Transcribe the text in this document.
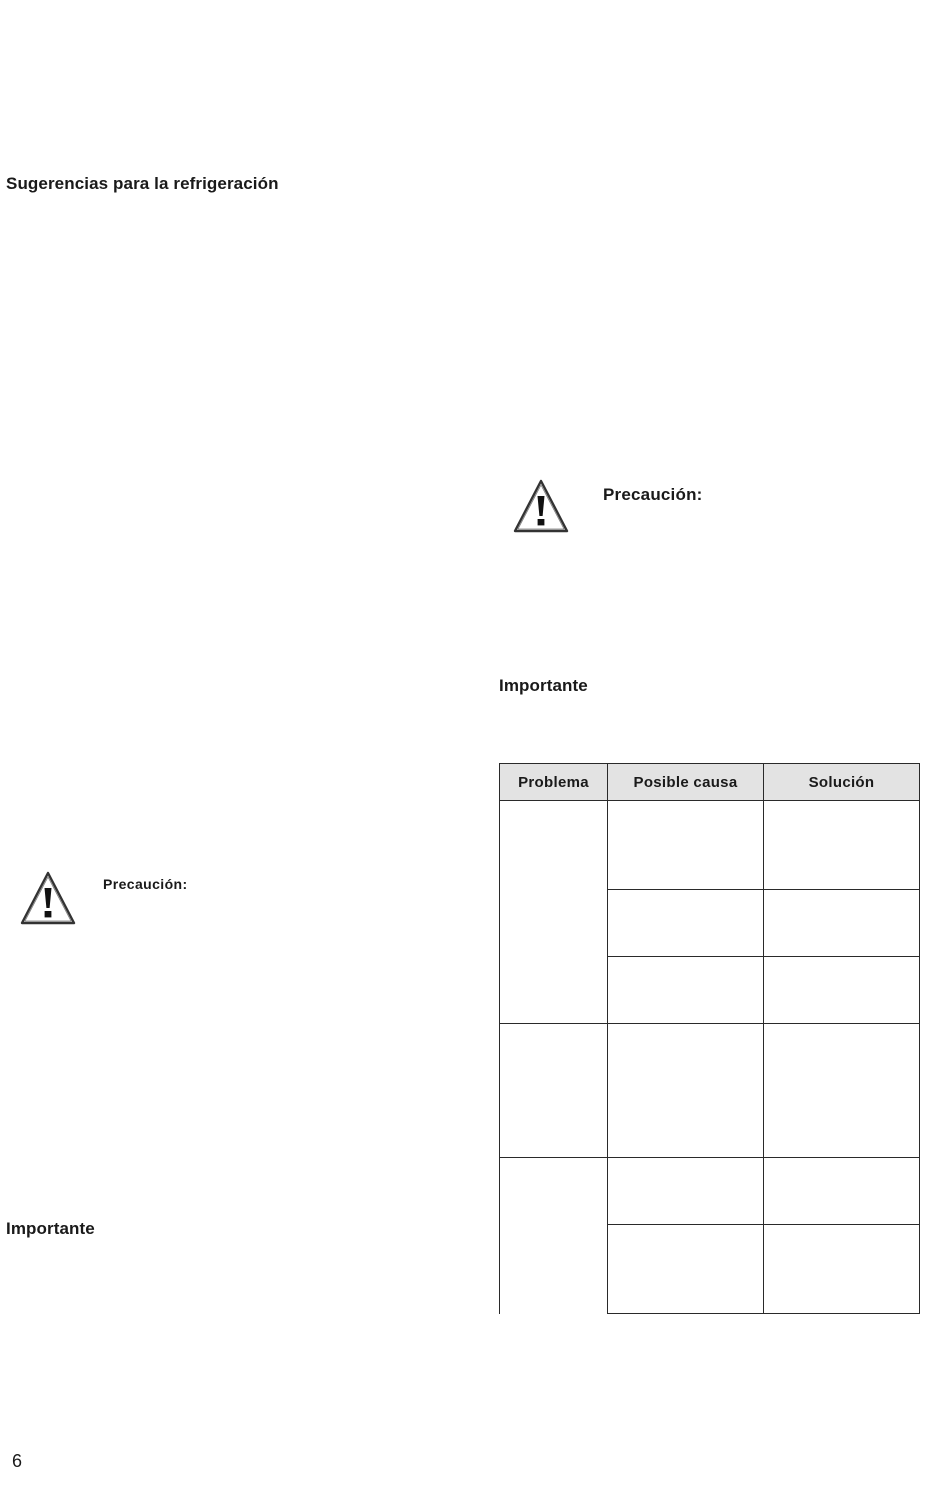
Sugerencias para la refrigeración
Precaución:
Importante
6
Precaución:
Importante
Problema	Posible causa	Solución
